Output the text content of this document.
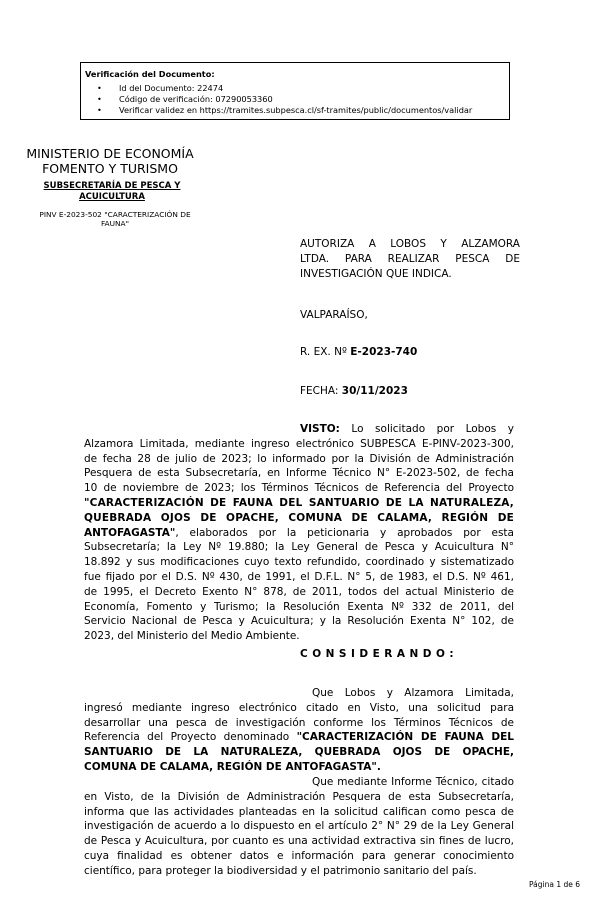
Verificación del Documento:
• Id del Documento: 22474
• Código de verificación: 07290053360
• Verificar validez en https://tramites.subpesca.cl/sf-tramites/public/documentos/validar
MINISTERIO DE ECONOMÍA
FOMENTO Y TURISMO
SUBSECRETARÍA DE PESCA Y
ACUICULTURA
PINV E-2023-502 "CARACTERIZACIÓN DE
FAUNA"
AUTORIZA A LOBOS Y ALZAMORA
LTDA. PARA REALIZAR PESCA DE
INVESTIGACIÓN QUE INDICA.
VALPARAÍSO,
R. EX. Nº E-2023-740
FECHA: 30/11/2023
VISTO: Lo solicitado por Lobos y
Alzamora Limitada, mediante ingreso electrónico SUBPESCA E-PINV-2023-300,
de fecha 28 de julio de 2023; lo informado por la División de Administración
Pesquera de esta Subsecretaría, en Informe Técnico N° E-2023-502, de fecha
10 de noviembre de 2023; los Términos Técnicos de Referencia del Proyecto
"CARACTERIZACIÓN DE FAUNA DEL SANTUARIO DE LA NATURALEZA,
QUEBRADA OJOS DE OPACHE, COMUNA DE CALAMA, REGIÓN DE
ANTOFAGASTA", elaborados por la peticionaria y aprobados por esta
Subsecretaría; la Ley Nº 19.880; la Ley General de Pesca y Acuicultura N°
18.892 y sus modificaciones cuyo texto refundido, coordinado y sistematizado
fue fijado por el D.S. Nº 430, de 1991, el D.F.L. N° 5, de 1983, el D.S. Nº 461,
de 1995, el Decreto Exento N° 878, de 2011, todos del actual Ministerio de
Economía, Fomento y Turismo; la Resolución Exenta Nº 332 de 2011, del
Servicio Nacional de Pesca y Acuicultura; y la Resolución Exenta N° 102, de
2023, del Ministerio del Medio Ambiente.
CONSIDERANDO:
Que Lobos y Alzamora Limitada,
ingresó mediante ingreso electrónico citado en Visto, una solicitud para
desarrollar una pesca de investigación conforme los Términos Técnicos de
Referencia del Proyecto denominado "CARACTERIZACIÓN DE FAUNA DEL
SANTUARIO DE LA NATURALEZA, QUEBRADA OJOS DE OPACHE,
COMUNA DE CALAMA, REGIÓN DE ANTOFAGASTA".
Que mediante Informe Técnico, citado
en Visto, de la División de Administración Pesquera de esta Subsecretaría,
informa que las actividades planteadas en la solicitud califican como pesca de
investigación de acuerdo a lo dispuesto en el artículo 2° N° 29 de la Ley General
de Pesca y Acuicultura, por cuanto es una actividad extractiva sin fines de lucro,
cuya finalidad es obtener datos e información para generar conocimiento
científico, para proteger la biodiversidad y el patrimonio sanitario del país.
Página 1 de 6
